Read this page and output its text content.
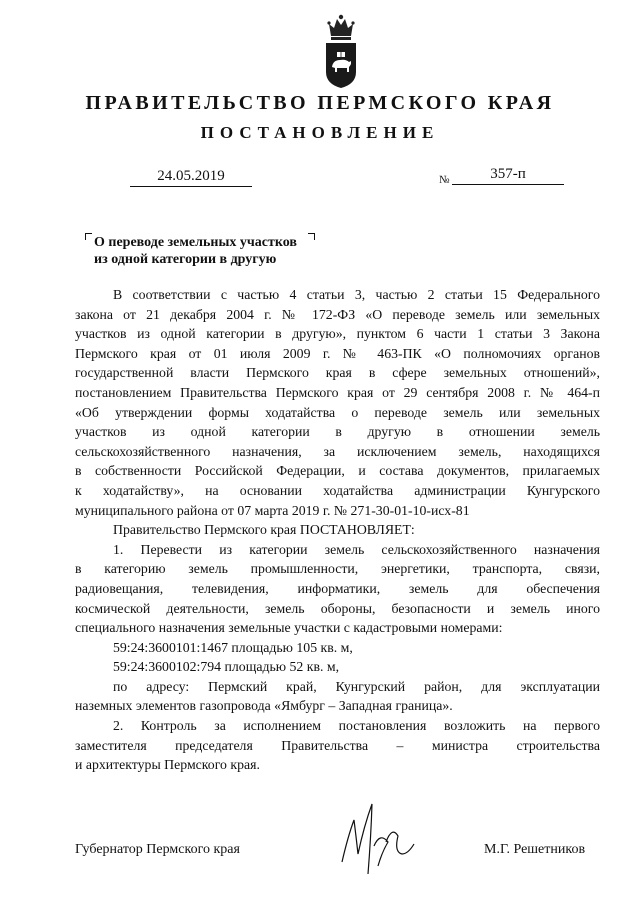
ПРАВИТЕЛЬСТВО ПЕРМСКОГО КРАЯ
ПОСТАНОВЛЕНИЕ
24.05.2019	№	357-п
О переводе земельных участков
из одной категории в другую

В соответствии с частью 4 статьи 3, частью 2 статьи 15 Федерального

закона от 21 декабря 2004 г. № 172-ФЗ «О переводе земель или земельных

участков из одной категории в другую», пунктом 6 части 1 статьи 3 Закона

Пермского края от 01 июля 2009 г. № 463-ПК «О полномочиях органов

государственной власти Пермского края в сфере земельных отношений»,

постановлением Правительства Пермского края от 29 сентября 2008 г. № 464-п

«Об утверждении формы ходатайства о переводе земель или земельных

участков из одной категории в другую в отношении земель

сельскохозяйственного назначения, за исключением земель, находящихся

в собственности Российской Федерации, и состава документов, прилагаемых

к ходатайству», на основании ходатайства администрации Кунгурского

муниципального района от 07 марта 2019 г. № 271-30-01-10-исх-81

Правительство Пермского края ПОСТАНОВЛЯЕТ:

1. Перевести из категории земель сельскохозяйственного назначения

в категорию земель промышленности, энергетики, транспорта, связи,

радиовещания, телевидения, информатики, земель для обеспечения

космической деятельности, земель обороны, безопасности и земель иного

специального назначения земельные участки с кадастровыми номерами:

59:24:3600101:1467 площадью 105 кв. м,

59:24:3600102:794 площадью 52 кв. м,

по адресу: Пермский край, Кунгурский район, для эксплуатации

наземных элементов газопровода «Ямбург – Западная граница».

2. Контроль за исполнением постановления возложить на первого

заместителя председателя Правительства – министра строительства

и архитектуры Пермского края.

Губернатор Пермского края	М.Г. Решетников
